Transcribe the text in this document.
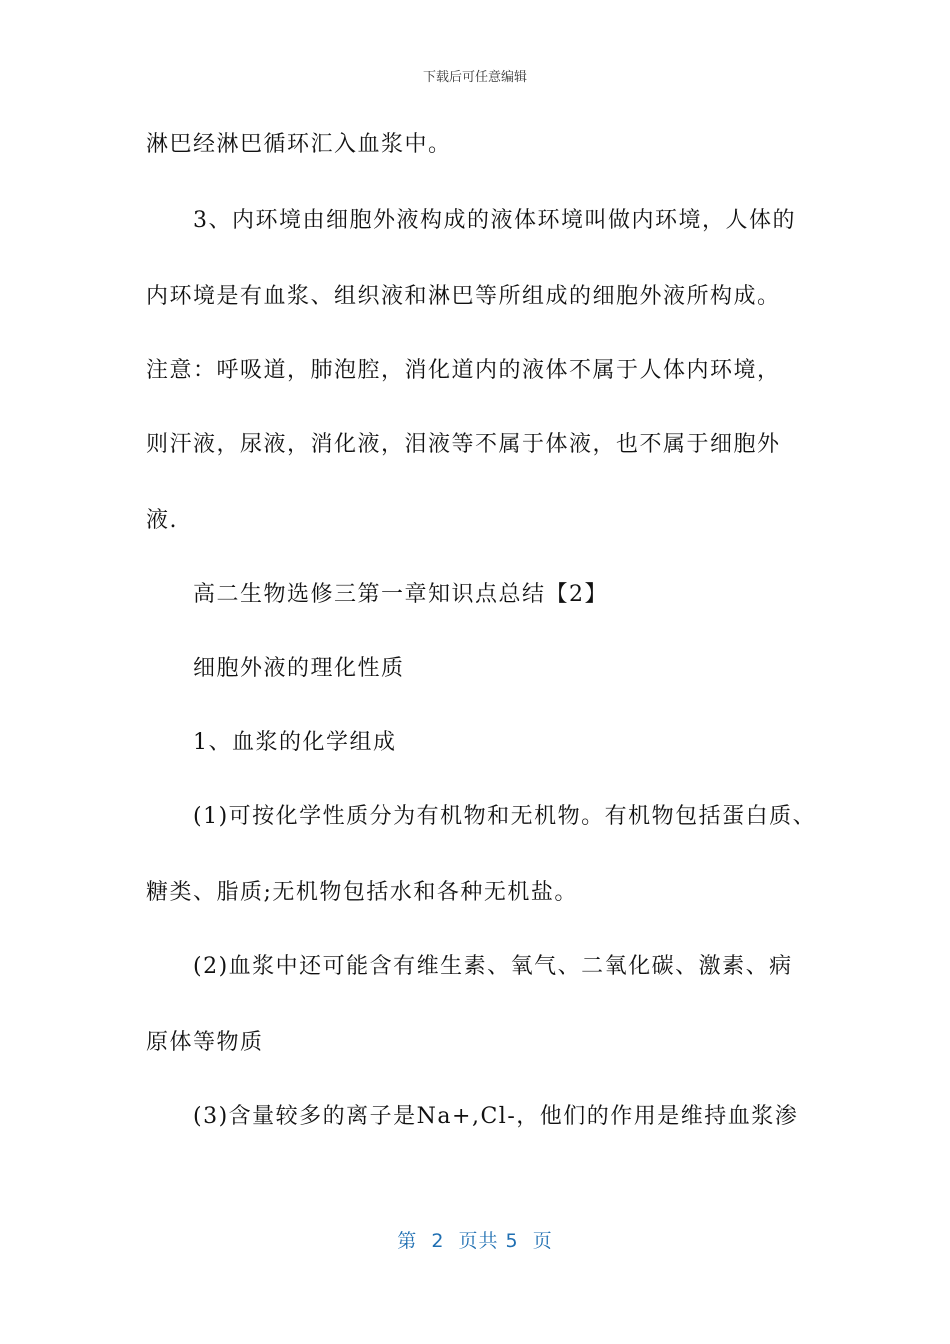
下载后可任意编辑
淋巴经淋巴循环汇入血浆中。
3、内环境由细胞外液构成的液体环境叫做内环境，人体的
内环境是有血浆、组织液和淋巴等所组成的细胞外液所构成。
注意：呼吸道，肺泡腔，消化道内的液体不属于人体内环境，
则汗液，尿液，消化液，泪液等不属于体液，也不属于细胞外
液.
高二生物选修三第一章知识点总结【2】
细胞外液的理化性质
1、血浆的化学组成
(1)可按化学性质分为有机物和无机物。有机物包括蛋白质、
糖类、脂质;无机物包括水和各种无机盐。
(2)血浆中还可能含有维生素、氧气、二氧化碳、激素、病
原体等物质
(3)含量较多的离子是Na+,Cl-，他们的作用是维持血浆渗
第  2  页共 5  页
